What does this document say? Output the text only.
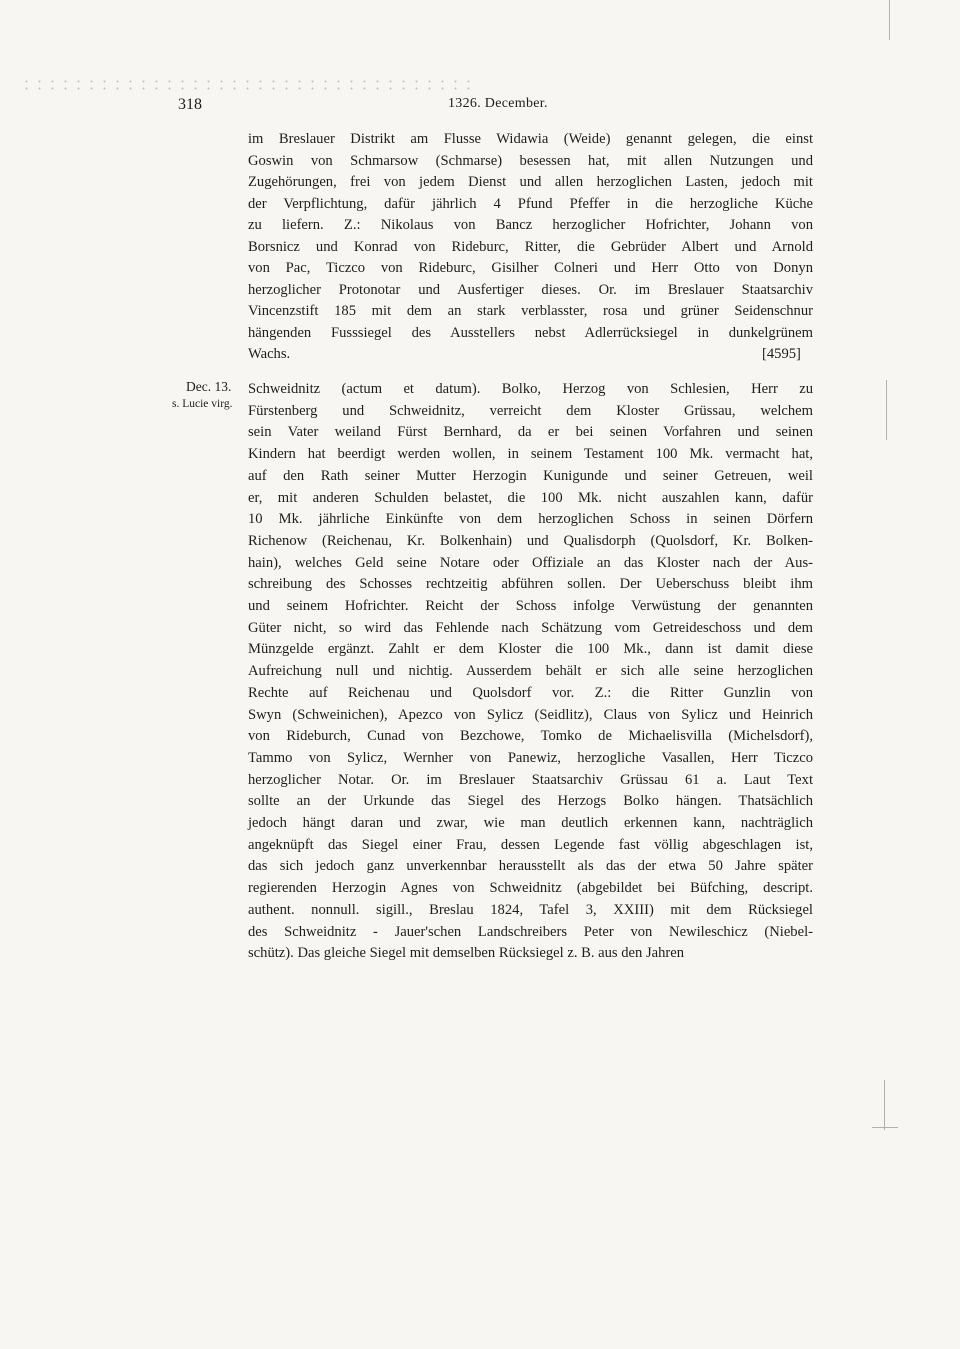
318	1326. December.
im Breslauer Distrikt am Flusse Widawia (Weide) genannt gelegen, die einst
Goswin von Schmarsow (Schmarse) besessen hat, mit allen Nutzungen und
Zugehörungen, frei von jedem Dienst und allen herzoglichen Lasten, jedoch mit
der Verpflichtung, dafür jährlich 4 Pfund Pfeffer in die herzogliche Küche
zu liefern. Z.: Nikolaus von Bancz herzoglicher Hofrichter, Johann von
Borsnicz und Konrad von Rideburc, Ritter, die Gebrüder Albert und Arnold
von Pac, Ticzco von Rideburc, Gisilher Colneri und Herr Otto von Donyn
herzoglicher Protonotar und Ausfertiger dieses. Or. im Breslauer Staatsarchiv
Vincenzstift 185 mit dem an stark verblasster, rosa und grüner Seidenschnur
hängenden Fusssiegel des Ausstellers nebst Adlerrücksiegel in dunkelgrünem
Wachs.	[4595]
Dec. 13.
s. Lucie virg.
Schweidnitz (actum et datum). Bolko, Herzog von Schlesien, Herr zu
Fürstenberg und Schweidnitz, verreicht dem Kloster Grüssau, welchem
sein Vater weiland Fürst Bernhard, da er bei seinen Vorfahren und seinen
Kindern hat beerdigt werden wollen, in seinem Testament 100 Mk. vermacht hat,
auf den Rath seiner Mutter Herzogin Kunigunde und seiner Getreuen, weil
er, mit anderen Schulden belastet, die 100 Mk. nicht auszahlen kann, dafür
10 Mk. jährliche Einkünfte von dem herzoglichen Schoss in seinen Dörfern
Richenow (Reichenau, Kr. Bolkenhain) und Qualisdorph (Quolsdorf, Kr. Bolken-
hain), welches Geld seine Notare oder Offiziale an das Kloster nach der Aus-
schreibung des Schosses rechtzeitig abführen sollen. Der Ueberschuss bleibt ihm
und seinem Hofrichter. Reicht der Schoss infolge Verwüstung der genannten
Güter nicht, so wird das Fehlende nach Schätzung vom Getreideschoss und dem
Münzgelde ergänzt. Zahlt er dem Kloster die 100 Mk., dann ist damit diese
Aufreichung null und nichtig. Ausserdem behält er sich alle seine herzoglichen
Rechte auf Reichenau und Quolsdorf vor. Z.: die Ritter Gunzlin von
Swyn (Schweinichen), Apezco von Sylicz (Seidlitz), Claus von Sylicz und Heinrich
von Rideburch, Cunad von Bezchowe, Tomko de Michaelisvilla (Michelsdorf),
Tammo von Sylicz, Wernher von Panewiz, herzogliche Vasallen, Herr Ticzco
herzoglicher Notar. Or. im Breslauer Staatsarchiv Grüssau 61 a. Laut Text
sollte an der Urkunde das Siegel des Herzogs Bolko hängen. Thatsächlich
jedoch hängt daran und zwar, wie man deutlich erkennen kann, nachträglich
angeknüpft das Siegel einer Frau, dessen Legende fast völlig abgeschlagen ist,
das sich jedoch ganz unverkennbar herausstellt als das der etwa 50 Jahre später
regierenden Herzogin Agnes von Schweidnitz (abgebildet bei Büfching, descript.
authent. nonnull. sigill., Breslau 1824, Tafel 3, XXIII) mit dem Rücksiegel
des Schweidnitz - Jauer'schen Landschreibers Peter von Newileschicz (Niebel-
schütz). Das gleiche Siegel mit demselben Rücksiegel z. B. aus den Jahren
